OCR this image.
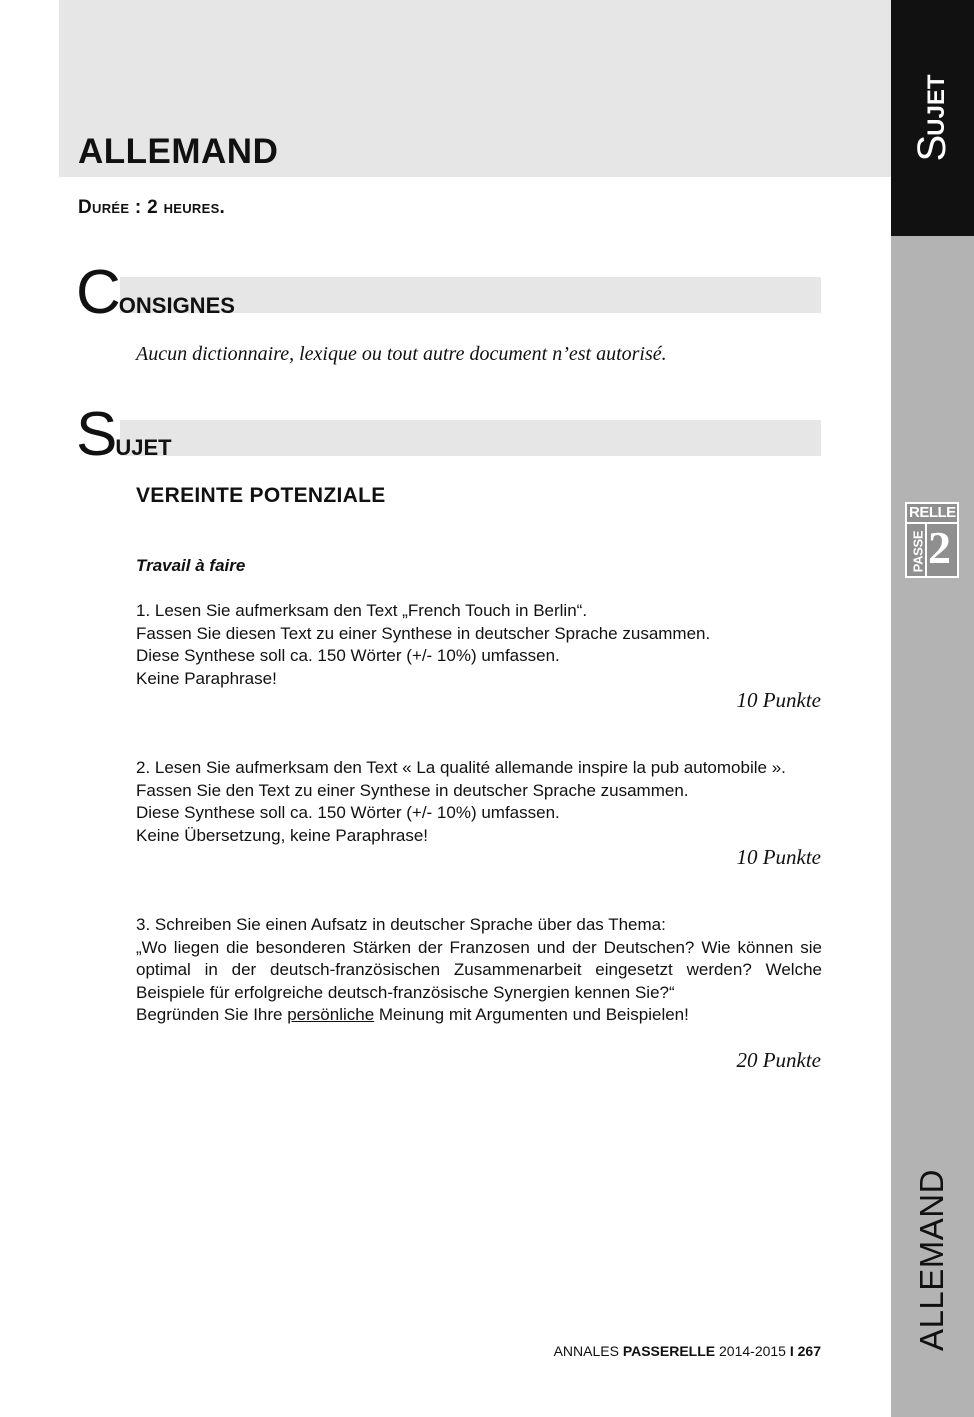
ALLEMAND
Durée : 2 heures.
C
ONSIGNES
Aucun dictionnaire, lexique ou tout autre document n’est autorisé.
S
UJET
VEREINTE POTENZIALE
Travail à faire

1. Lesen Sie aufmerksam den Text „French Touch in Berlin“.

Fassen Sie diesen Text zu einer Synthese in deutscher Sprache zusammen.

Diese Synthese soll ca. 150 Wörter (+/- 10%) umfassen.

Keine Paraphrase!

10 Punkte

2. Lesen Sie aufmerksam den Text « La qualité allemande inspire la pub automobile ».

Fassen Sie den Text zu einer Synthese in deutscher Sprache zusammen.

Diese Synthese soll ca. 150 Wörter (+/- 10%) umfassen.

Keine Übersetzung, keine Paraphrase!

10 Punkte

3. Schreiben Sie einen Aufsatz in deutscher Sprache über das Thema:

„Wo liegen die besonderen Stärken der Franzosen und der Deutschen? Wie können sie optimal in der deutsch-französischen Zusammenarbeit eingesetzt werden? Welche Beispiele für erfolgreiche deutsch-französische Synergien kennen Sie?“

Begründen Sie Ihre persönliche Meinung mit Argumenten und Beispielen!

20 Punkte
ANNALES PASSERELLE 2014-2015 I 267
S
UJET
RELLE
PASSE 2
ALLEMAND
